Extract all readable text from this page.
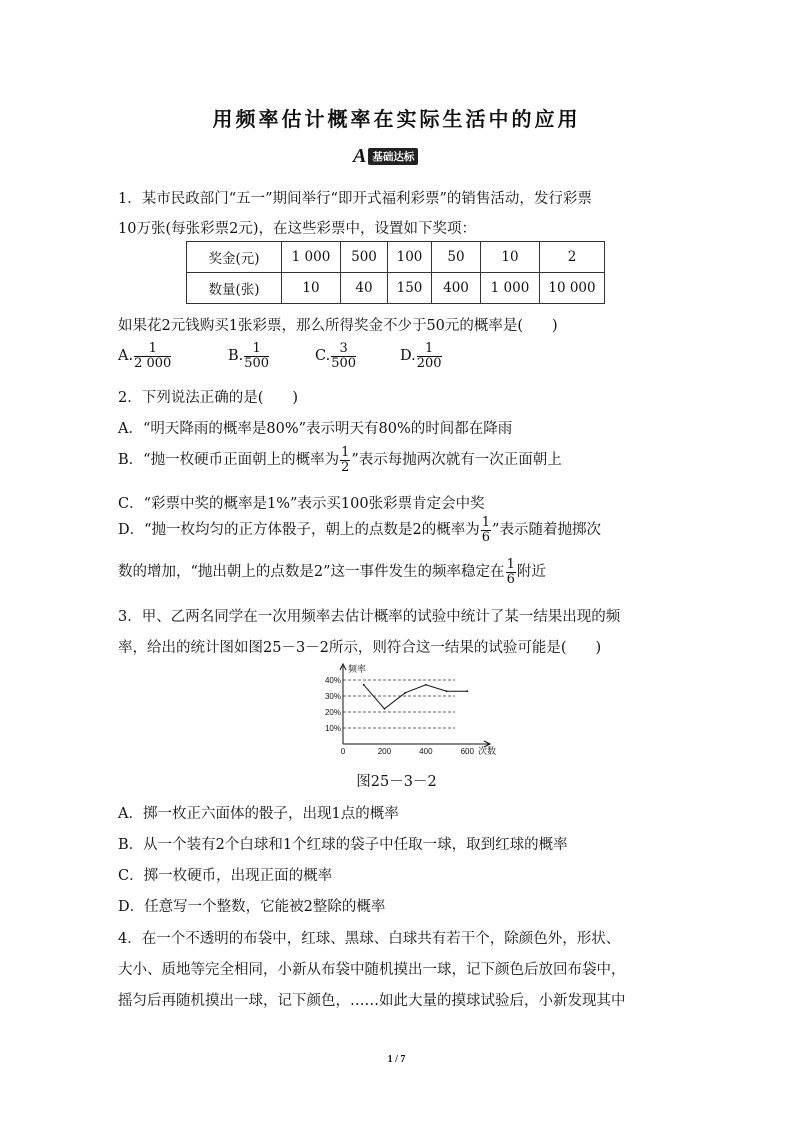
用频率估计概率在实际生活中的应用
A 基础达标
1．某市民政部门“五一”期间举行“即开式福利彩票”的销售活动，发行彩票
10万张(每张彩票2元)，在这些彩票中，设置如下奖项：
奖金(元)	1 000	500	100	50	10	2
数量(张)	10	40	150	400	1 000	10 000
如果花2元钱购买1张彩票，那么所得奖金不少于50元的概率是(　　)
A. $\frac{1}{2 000}$	B. $\frac{1}{500}$	C. $\frac{3}{500}$	D. $\frac{1}{200}$
2．下列说法正确的是(　　)
A．“明天降雨的概率是80%”表示明天有80%的时间都在降雨
B．“抛一枚硬币正面朝上的概率为 $\frac{1}{2}$ ”表示每抛两次就有一次正面朝上
C．“彩票中奖的概率是1%”表示买100张彩票肯定会中奖
D．“抛一枚均匀的正方体骰子，朝上的点数是2的概率为 $\frac{1}{6}$ ”表示随着抛掷次
数的增加，“抛出朝上的点数是2”这一事件发生的频率稳定在 $\frac{1}{6}$ 附近
3．甲、乙两名同学在一次用频率去估计概率的试验中统计了某一结果出现的频
率，给出的统计图如图25－3－2所示，则符合这一结果的试验可能是(　　)
10%
20%
30%
40%
0	200	400	600
频率
次数
图25－3－2
A．掷一枚正六面体的骰子，出现1点的概率
B．从一个装有2个白球和1个红球的袋子中任取一球，取到红球的概率
C．掷一枚硬币，出现正面的概率
D．任意写一个整数，它能被2整除的概率
4．在一个不透明的布袋中，红球、黑球、白球共有若干个，除颜色外，形状、
大小、质地等完全相同，小新从布袋中随机摸出一球，记下颜色后放回布袋中，
摇匀后再随机摸出一球，记下颜色，……如此大量的摸球试验后，小新发现其中
1 / 7
